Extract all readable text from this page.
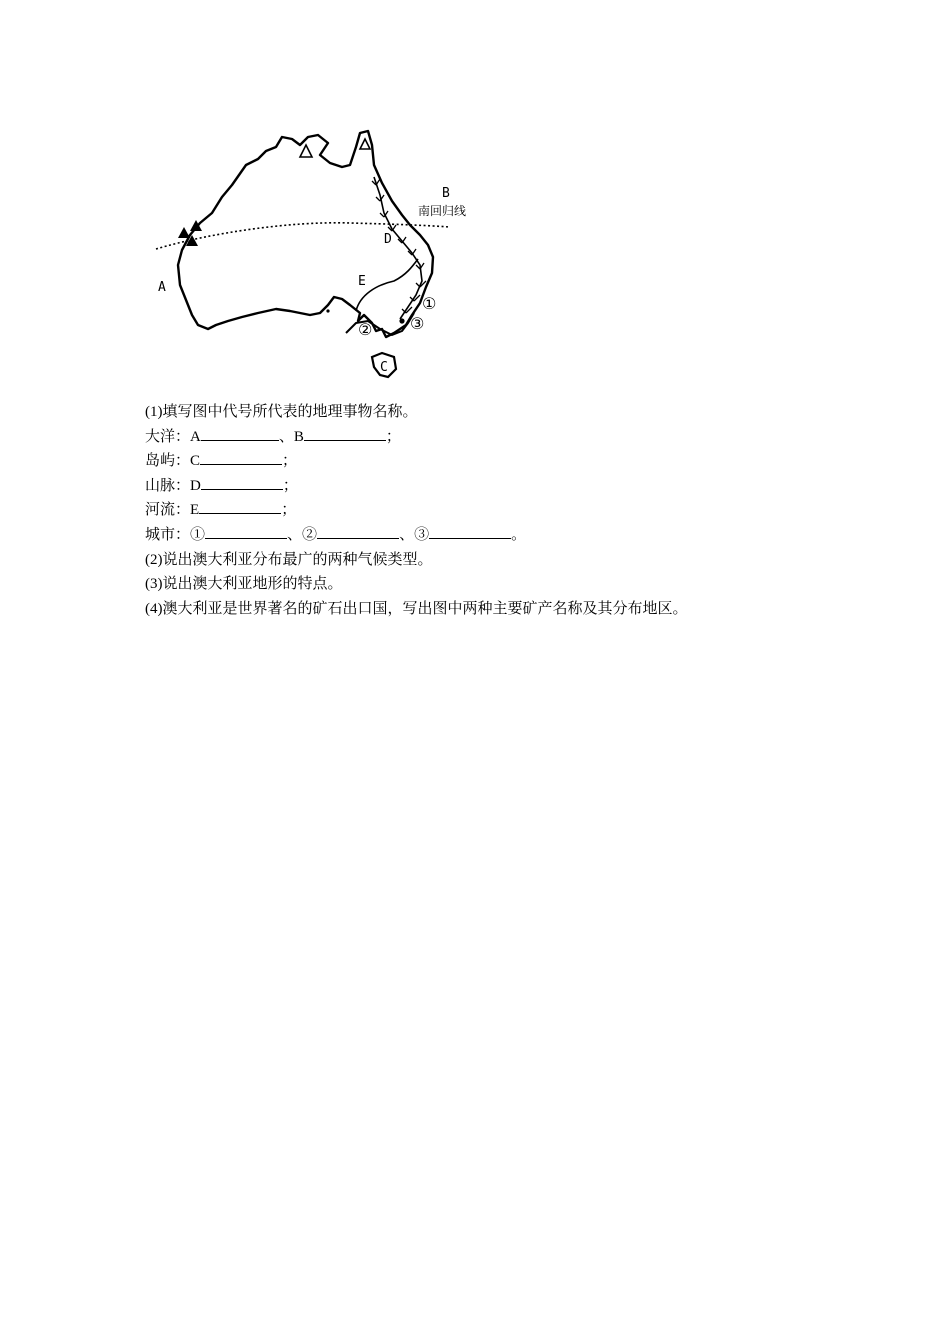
A
B
南回归线
D
E
C
①
② ③
(1)填写图中代号所代表的地理事物名称。
大洋：A	、B	；
岛屿：C	；
山脉：D	；
河流：E	；
城市：①	、②	、③	。
(2)说出澳大利亚分布最广的两种气候类型。
(3)说出澳大利亚地形的特点。
(4)澳大利亚是世界著名的矿石出口国，写出图中两种主要矿产名称及其分布地区。
